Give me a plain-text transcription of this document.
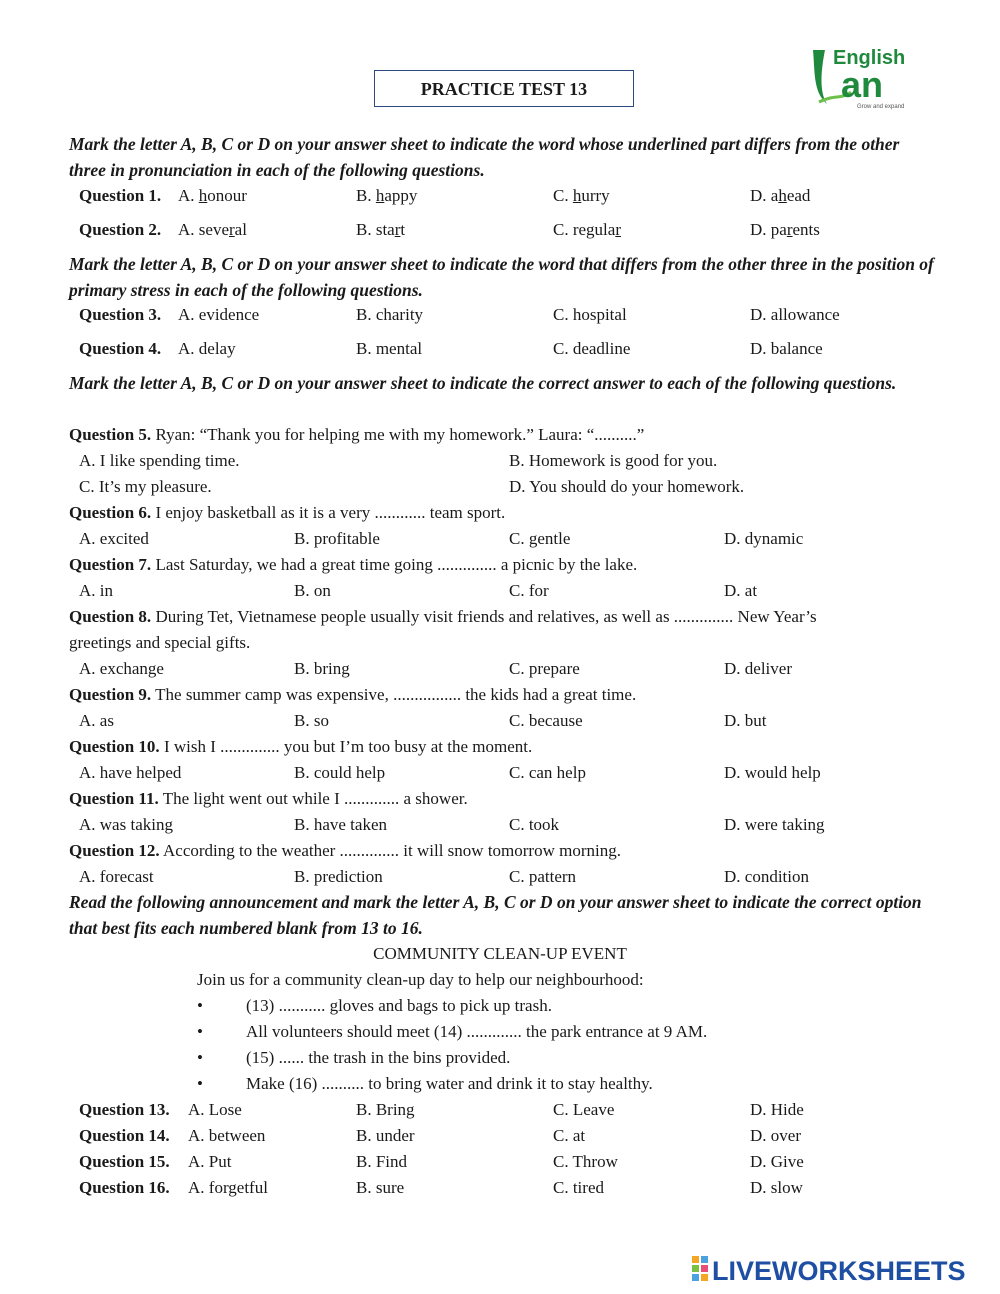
PRACTICE TEST 13
English
an
Grow and expand
Mark the letter A, B, C or D on your answer sheet to indicate the word whose underlined part differs from the other three in pronunciation in each of the following questions.
Question 1. A. honour	B. happy	C. hurry	D. ahead
Question 2. A. several	B. start	C. regular	D. parents
Mark the letter A, B, C or D on your answer sheet to indicate the word that differs from the other three in the position of primary stress in each of the following questions.
Question 3. A. evidence	B. charity	C. hospital	D. allowance
Question 4. A. delay	B. mental	C. deadline	D. balance
Mark the letter A, B, C or D on your answer sheet to indicate the correct answer to each of the following questions.
Question 5. Ryan: “Thank you for helping me with my homework.” Laura: “..........”
A. I like spending time.	B. Homework is good for you.
C. It’s my pleasure.	D. You should do your homework.
Question 6. I enjoy basketball as it is a very ............ team sport.
A. excited	B. profitable	C. gentle	D. dynamic
Question 7. Last Saturday, we had a great time going .............. a picnic by the lake.
A. in	B. on	C. for	D. at
Question 8. During Tet, Vietnamese people usually visit friends and relatives, as well as .............. New Year’s
greetings and special gifts.
A. exchange	B. bring	C. prepare	D. deliver
Question 9. The summer camp was expensive, ................ the kids had a great time.
A. as	B. so	C. because	D. but
Question 10. I wish I .............. you but I’m too busy at the moment.
A. have helped	B. could help	C. can help	D. would help
Question 11. The light went out while I ............. a shower.
A. was taking	B. have taken	C. took	D. were taking
Question 12. According to the weather .............. it will snow tomorrow morning.
A. forecast	B. prediction	C. pattern	D. condition
Read the following announcement and mark the letter A, B, C or D on your answer sheet to indicate the correct option that best fits each numbered blank from 13 to 16.
COMMUNITY CLEAN-UP EVENT
Join us for a community clean-up day to help our neighbourhood:
•	(13) ........... gloves and bags to pick up trash.
•	All volunteers should meet (14) ............. the park entrance at 9 AM.
•	(15) ...... the trash in the bins provided.
•	Make (16) .......... to bring water and drink it to stay healthy.
Question 13. A. Lose	B. Bring	C. Leave	D. Hide
Question 14. A. between	B. under	C. at	D. over
Question 15. A. Put	B. Find	C. Throw	D. Give
Question 16. A. forgetful	B. sure	C. tired	D. slow
LIVEWORKSHEETS
